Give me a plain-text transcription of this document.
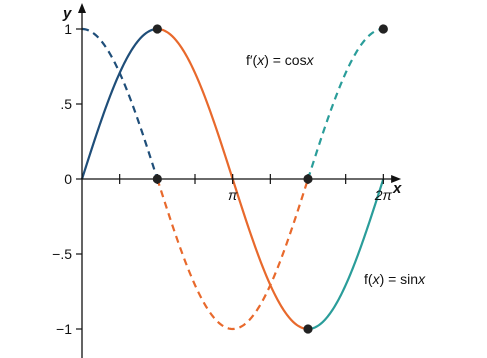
1
.5
0
−.5
−1
π	2π
y
x
f′(x) = cosx
f(x) = sinx
